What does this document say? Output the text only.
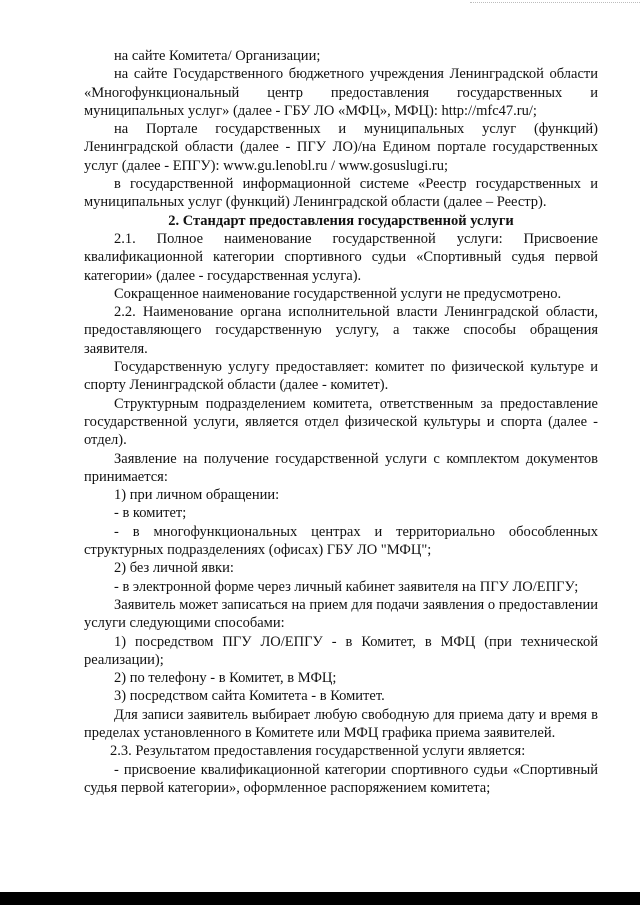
на сайте Комитета/ Организации;

на сайте Государственного бюджетного учреждения Ленинградской области «Многофункциональный центр предоставления государственных и муниципальных услуг» (далее - ГБУ ЛО «МФЦ», МФЦ): http://mfc47.ru/;

на Портале государственных и муниципальных услуг (функций) Ленинградской области (далее - ПГУ ЛО)/на Едином портале государственных услуг (далее - ЕПГУ): www.gu.lenobl.ru / www.gosuslugi.ru;

в государственной информационной системе «Реестр государственных и муниципальных услуг (функций) Ленинградской области (далее – Реестр).

2. Стандарт предоставления государственной услуги

2.1. Полное наименование государственной услуги: Присвоение квалификационной категории спортивного судьи «Спортивный судья первой категории» (далее - государственная услуга).

Сокращенное наименование государственной услуги не предусмотрено.

2.2. Наименование органа исполнительной власти Ленинградской области, предоставляющего государственную услугу, а также способы обращения заявителя.

Государственную услугу предоставляет: комитет по физической культуре и спорту Ленинградской области (далее - комитет).

Структурным подразделением комитета, ответственным за предоставление государственной услуги, является отдел физической культуры и спорта (далее - отдел).

Заявление на получение государственной услуги с комплектом документов принимается:

1) при личном обращении:

- в комитет;

- в многофункциональных центрах и территориально обособленных структурных подразделениях (офисах) ГБУ ЛО "МФЦ";

2) без личной явки:

- в электронной форме через личный кабинет заявителя на ПГУ ЛО/ЕПГУ;

Заявитель может записаться на прием для подачи заявления о предоставлении услуги следующими способами:

1) посредством ПГУ ЛО/ЕПГУ - в Комитет, в МФЦ (при технической реализации);

2) по телефону - в Комитет, в МФЦ;

3) посредством сайта Комитета - в Комитет.

Для записи заявитель выбирает любую свободную для приема дату и время в пределах установленного в Комитете или МФЦ графика приема заявителей.

2.3. Результатом предоставления государственной услуги является:

- присвоение квалификационной категории спортивного судьи «Спортивный судья первой категории», оформленное распоряжением комитета;
